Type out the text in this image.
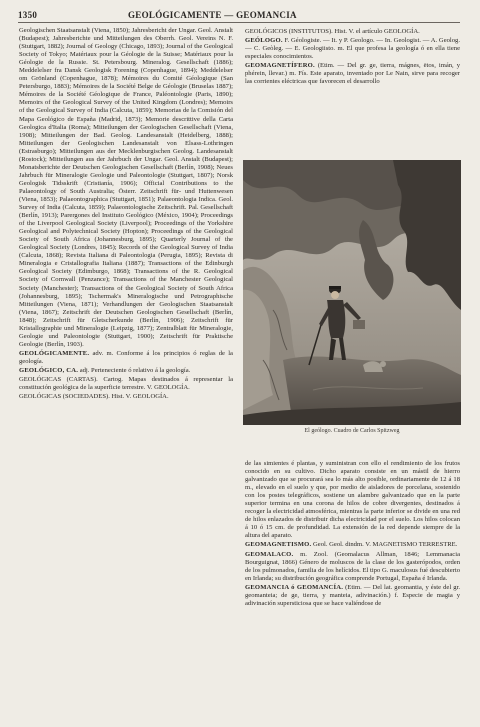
1350	GEOLÓGICAMENTE — GEOMANCIA

Geologischen Staatsanstalt (Viena, 1850); Jahresbericht der Ungar. Geol. Anstalt (Budapest); Jahresberichte und Mitteilungen des Oberrh. Geol. Vereins N. F. (Stuttgart, 1882); Journal of Geology (Chicago, 1893); Journal of the Geological Society of Tokyo; Matériaux pour la Géologie de la Suisse; Matériaux pour la Géologie de la Russie. St. Petersbourg. Mineralog. Gesellschaft (1886); Meddelelser fra Dansk Geologisk Forening (Copenhague, 1894); Meddelelser om Grönland (Copenhague, 1878); Mémoires du Comité Géologique (San Petersburgo, 1883); Mémoires de la Société Belge de Géologie (Bruselas 1887); Mémoires de la Société Géologique de France, Paléontologie (Paris, 1890); Memoirs of the Geological Survey of the United Kingdom (Londres); Memoirs of the Geological Survey of India (Calcuta, 1859); Memorias de la Comisión del Mapa Geológico de España (Madrid, 1873); Memorie descrittive della Carta Geologica d'Italia (Roma); Mitteilungen der Geologischen Gesellschaft (Viena, 1908); Mitteilungen der Bad. Geolog. Landesanstalt (Heidelberg, 1888); Mitteilungen der Geologischen Landesanstalt von Elsass-Lothringen (Estrasburgo); Mitteilungen aus der Mecklenburgischen Geolog. Landesanstalt (Rostock); Mitteilungen aus der Jahrbuch der Ungar. Geol. Anstalt (Budapest); Monatsberichte der Deutschen Geologischen Gesellschaft (Berlín, 1908); Neues Jahrbuch für Mineralogie Geologie und Paleontologie (Stuttgart, 1807); Norsk Geologisk Tidsskrift (Cristianía, 1906); Official Contributions to the Palaeontology of South Australia; Österr. Zeitschrift für- und Huttenwesen (Viena, 1853); Palaeontographica (Stuttgart, 1851); Palaeontologia Indica. Geol. Survey of India (Calcuta, 1859); Palaeontologische Zeitschrift. Pal. Gesellschaft (Berlín, 1913); Parergones del Instituto Geológico (México, 1904); Proceedings of the Liverpool Geological Society (Liverpool); Proceedings of the Yorkshire Geological and Polytechnical Society (Hopton); Proceedings of the Geological Society of South Africa (Johannesburg, 1895); Quarterly Journal of the Geological Society (Londres, 1845); Records of the Geological Survey of India (Calcuta, 1868); Revista Italiana di Paleontologia (Perugia, 1895); Revista di Mineralogia e Cristallografia Italiana (1887); Transactions of the Edinburgh Geological Society (Edimburgo, 1868); Transactions of the R. Geological Society of Cornwall (Penzance); Transactions of the Manchester Geological Society (Manchester); Transactions of the Geological Society of South Africa (Johannesburg, 1895); Tschermak's Mineralogische und Petrographische Mitteilungen (Viena, 1871); Verhandlungen der Geologischen Staatsanstalt (Viena, 1867); Zeitschrift der Deutschen Geologischen Gesellschaft (Berlín, 1848); Zeitschrift für Gletscherkunde (Berlín, 1906); Zeitschrift für Kristallographie und Mineralogie (Leipzig, 1877); Zentralblatt für Mineralogie, Geologie und Paleontologie (Stuttgart, 1900); Zeitschrift für Praktische Geologie (Berlín, 1903).

GEOLÓGICAMENTE. adv. m. Conforme á los principios ó reglas de la geología.

GEOLÓGICO, CA. adj. Perteneciente ó relativo á la geología.

GEOLÓGICAS (CARTAS). Cartog. Mapas destinados á representar la constitución geológica de la superficie terrestre. V. GEOLOGÍA.

GEOLÓGICAS (SOCIEDADES). Hist. V. GEOLOGÍA.

GEOLÓGICOS (INSTITUTOS). Hist. V. el artículo GEOLOGÍA.

GEÓLOGO. F. Géologiste. — It. y P. Geologo. — In. Geologist. — A. Geolog. — C. Geòleg. — E. Geologiisto. m. El que profesa la geología ó en ella tiene especiales conocimientos.

GEOMAGNETÍFERO. (Etim. — Del gr. ge, tierra, mágnes, ētos, imán, y phérein, llevar.) m. Fís. Este aparato, inventado por Le Nain, sirve para recoger las corrientes eléctricas que favorecen el desarrollo

El geólogo. Cuadro de Carlos Spitzweg

de las simientes é plantas, y suministran con ello el rendimiento de los frutos conocido en su cultivo. Dicho aparato consiste en un mástil de hierro galvanizado que se procurará sea lo más alto posible, ordinariamente de 12 á 18 m., elevado en el suelo y que, por medio de aisladores de porcelana, sostenido con los postes telegráficos, sostiene un alambre galvanizado que en la parte superior termina en una corona de hilos de cobre divergentes, destinados á recoger la electricidad atmosférica, mientras la parte inferior se divide en una red de hilos enlazados de distribuir dicha electricidad por el suelo. Los hilos colocan á 10 ó 15 cm. de profundidad. La extensión de la red depende siempre de la altura del aparato.

GEOMAGNETISMO. Geol. Geol. dindm. V. MAGNETISMO TERRESTRE.

GEOMALACO. m. Zool. (Geomalacus Allman, 1846; Lemmanacia Bourguignat, 1866) Género de moluscos de la clase de los gasterópodos, orden de los pulmonados, familia de los helícidos. El tipo G. maculosus fué descubierto en Irlanda; su distribución geográfica comprende Portugal, España é Irlanda.

GEOMANCIA ó GEOMANCÍA. (Etim. — Del lat. geomantia, y éste del gr. geomanteia; de ge, tierra, y manteia, adivinación.) f. Especie de magia y adivinación supersticiosa que se hace valiéndose de
